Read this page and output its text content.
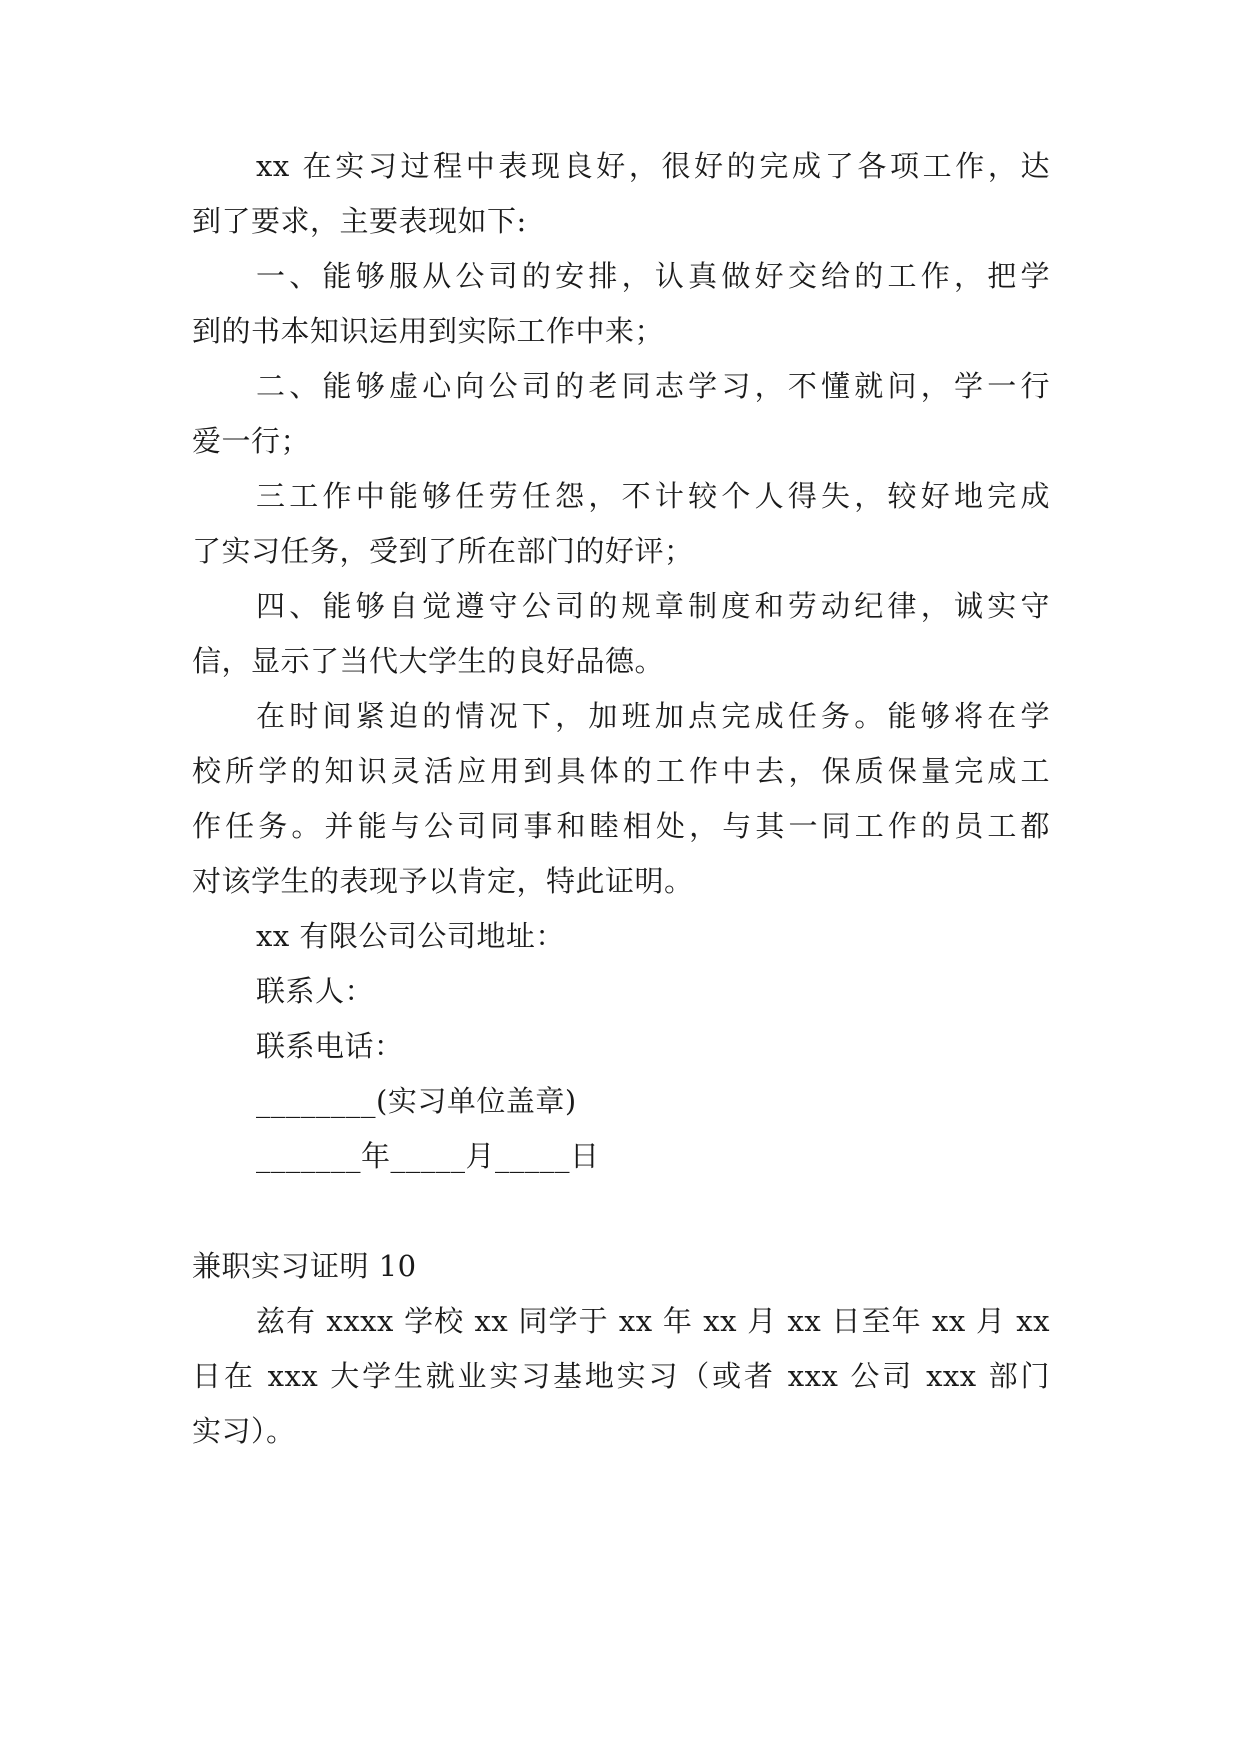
xx 在实习过程中表现良好，很好的完成了各项工作，达
到了要求，主要表现如下:
一、能够服从公司的安排，认真做好交给的工作，把学
到的书本知识运用到实际工作中来；
二、能够虚心向公司的老同志学习，不懂就问，学一行
爱一行；
三工作中能够任劳任怨，不计较个人得失，较好地完成
了实习任务，受到了所在部门的好评；
四、能够自觉遵守公司的规章制度和劳动纪律，诚实守
信，显示了当代大学生的良好品德。
在时间紧迫的情况下，加班加点完成任务。能够将在学
校所学的知识灵活应用到具体的工作中去，保质保量完成工
作任务。并能与公司同事和睦相处，与其一同工作的员工都
对该学生的表现予以肯定，特此证明。
xx 有限公司公司地址：
联系人：
联系电话：
________(实习单位盖章)
_______年_____月_____日
兼职实习证明 10
兹有 xxxx 学校 xx 同学于 xx 年 xx 月 xx 日至年 xx 月 xx
日在 xxx 大学生就业实习基地实习（或者 xxx 公司 xxx 部门
实习）。
